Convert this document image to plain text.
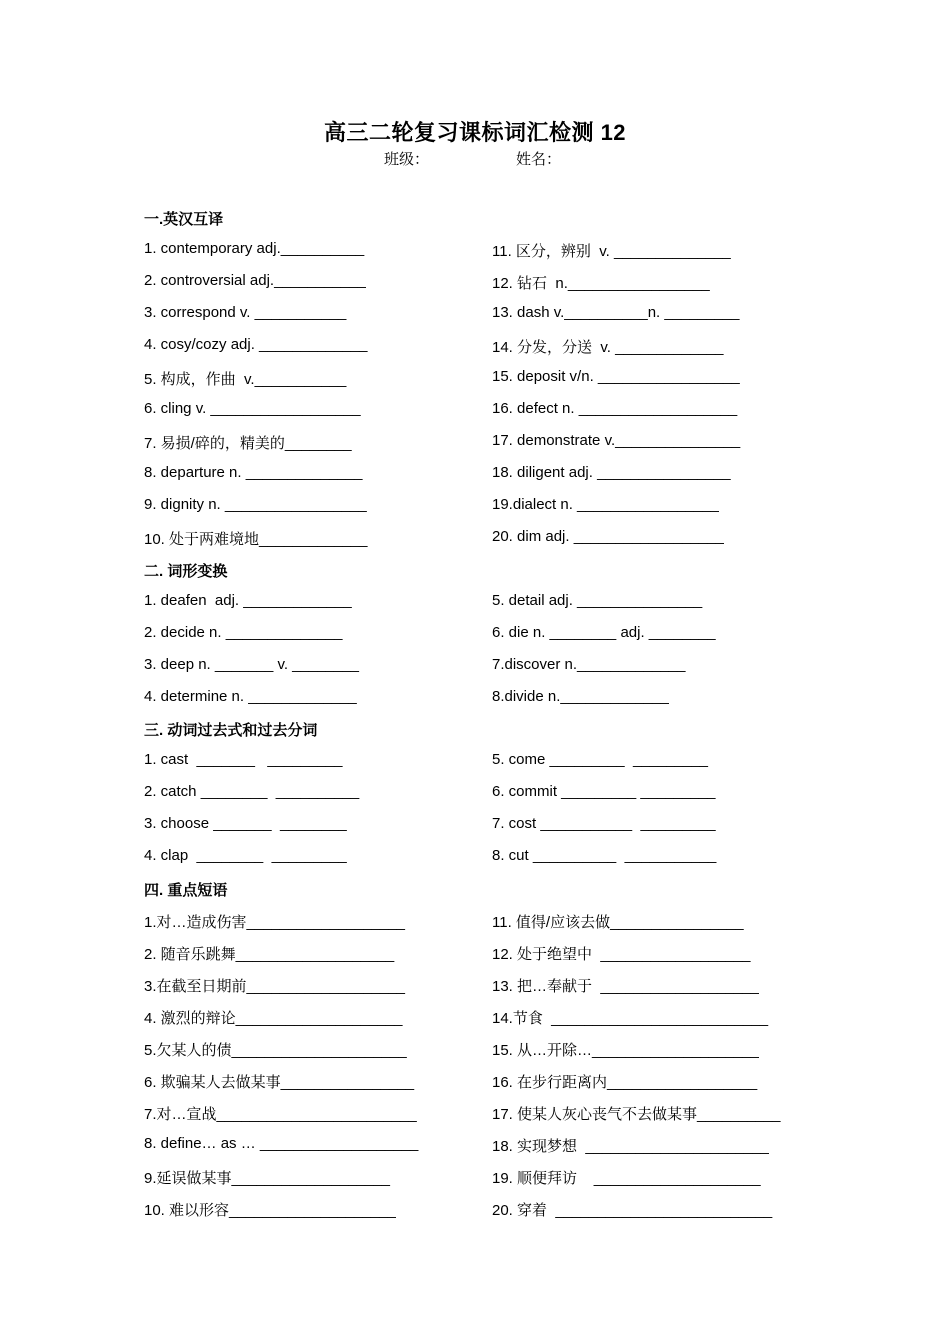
高三二轮复习课标词汇检测 12
班级：	姓名：
一.英汉互译
1. contemporary adj.__________
2. controversial adj.___________
3. correspond v. ___________
4. cosy/cozy adj. _____________
5. 构成，作曲  v.___________
6. cling v. __________________
7. 易损/碎的，精美的________
8. departure n. ______________
9. dignity n. _________________
10. 处于两难境地_____________
11. 区分，辨别  v. ______________
12. 钻石  n._________________
13. dash v.__________n. _________
14. 分发，分送  v. _____________
15. deposit v/n. _________________
16. defect n. ___________________
17. demonstrate v._______________
18. diligent adj. ________________
19.dialect n. _________________
20. dim adj. __________________
二. 词形变换
1. deafen  adj. _____________
2. decide n. ______________
3. deep n. _______ v. ________
4. determine n. _____________
5. detail adj. _______________
6. die n. ________ adj. ________
7.discover n._____________
8.divide n._____________
三. 动词过去式和过去分词
1. cast  _______   _________
2. catch ________  __________
3. choose _______  ________
4. clap  ________  _________
5. come _________  _________
6. commit _________ _________
7. cost ___________  _________
8. cut __________  ___________
四. 重点短语
1.对…造成伤害___________________
2. 随音乐跳舞___________________
3.在截至日期前___________________
4. 激烈的辩论____________________
5.欠某人的债_____________________
6. 欺骗某人去做某事________________
7.对…宣战________________________
8. define… as … ___________________
9.延误做某事___________________
10. 难以形容____________________
11. 值得/应该去做________________
12. 处于绝望中  __________________
13. 把…奉献于  ___________________
14.节食  __________________________
15. 从…开除…____________________
16. 在步行距离内__________________
17. 使某人灰心丧气不去做某事__________
18. 实现梦想  ______________________
19. 顺便拜访    ____________________
20. 穿着  __________________________
